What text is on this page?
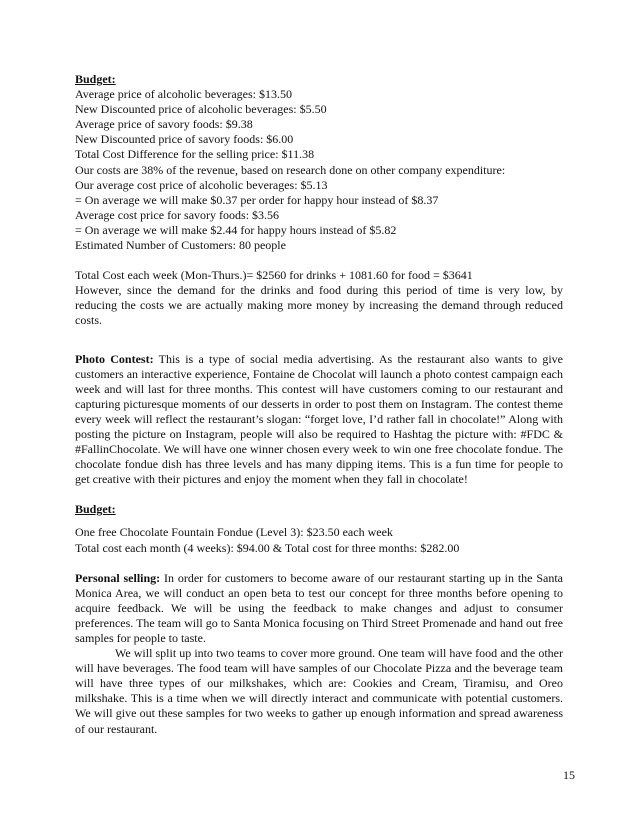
Budget:
Average price of alcoholic beverages: $13.50
New Discounted price of alcoholic beverages: $5.50
Average price of savory foods: $9.38
New Discounted price of savory foods: $6.00
Total Cost Difference for the selling price: $11.38
Our costs are 38% of the revenue, based on research done on other company expenditure:
Our average cost price of alcoholic beverages: $5.13
= On average we will make $0.37 per order for happy hour instead of $8.37
Average cost price for savory foods: $3.56
= On average we will make $2.44 for happy hours instead of $5.82
Estimated Number of Customers: 80 people
Total Cost each week (Mon-Thurs.)= $2560 for drinks + 1081.60 for food = $3641
However, since the demand for the drinks and food during this period of time is very low, by reducing the costs we are actually making more money by increasing the demand through reduced costs.
Photo Contest: This is a type of social media advertising. As the restaurant also wants to give customers an interactive experience, Fontaine de Chocolat will launch a photo contest campaign each week and will last for three months. This contest will have customers coming to our restaurant and capturing picturesque moments of our desserts in order to post them on Instagram. The contest theme every week will reflect the restaurant’s slogan: “forget love, I’d rather fall in chocolate!” Along with posting the picture on Instagram, people will also be required to Hashtag the picture with: #FDC & #FallinChocolate. We will have one winner chosen every week to win one free chocolate fondue. The chocolate fondue dish has three levels and has many dipping items. This is a fun time for people to get creative with their pictures and enjoy the moment when they fall in chocolate!
Budget:
One free Chocolate Fountain Fondue (Level 3): $23.50 each week
Total cost each month (4 weeks): $94.00 & Total cost for three months: $282.00
Personal selling: In order for customers to become aware of our restaurant starting up in the Santa Monica Area, we will conduct an open beta to test our concept for three months before opening to acquire feedback. We will be using the feedback to make changes and adjust to consumer preferences. The team will go to Santa Monica focusing on Third Street Promenade and hand out free samples for people to taste.
We will split up into two teams to cover more ground. One team will have food and the other will have beverages. The food team will have samples of our Chocolate Pizza and the beverage team will have three types of our milkshakes, which are: Cookies and Cream, Tiramisu, and Oreo milkshake. This is a time when we will directly interact and communicate with potential customers. We will give out these samples for two weeks to gather up enough information and spread awareness of our restaurant.
15
